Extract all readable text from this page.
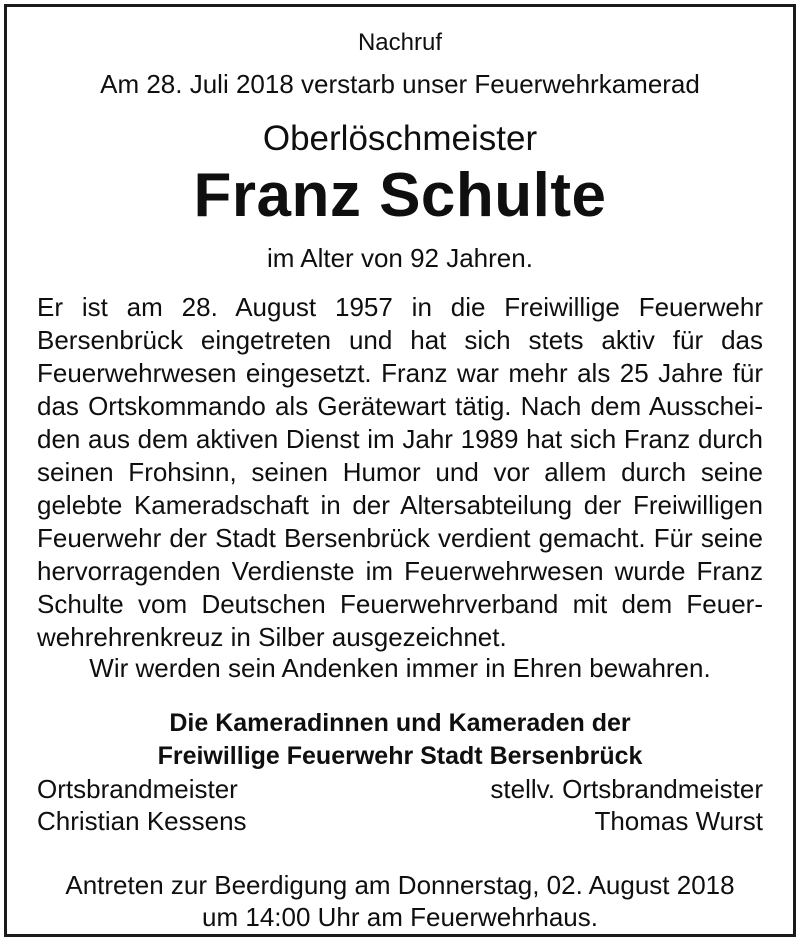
Nachruf
Am 28. Juli 2018 verstarb unser Feuerwehrkamerad
Oberlöschmeister
Franz Schulte
im Alter von 92 Jahren.
Er ist am 28. August 1957 in die Freiwillige Feuerwehr
Bersenbrück eingetreten und hat sich stets aktiv für das
Feuerwehrwesen eingesetzt. Franz war mehr als 25 Jahre für
das Ortskommando als Gerätewart tätig. Nach dem Ausschei-
den aus dem aktiven Dienst im Jahr 1989 hat sich Franz durch
seinen Frohsinn, seinen Humor und vor allem durch seine
gelebte Kameradschaft in der Altersabteilung der Freiwilligen
Feuerwehr der Stadt Bersenbrück verdient gemacht. Für seine
hervorragenden Verdienste im Feuerwehrwesen wurde Franz
Schulte vom Deutschen Feuerwehrverband mit dem Feuer-
wehrehrenkreuz in Silber ausgezeichnet.
Wir werden sein Andenken immer in Ehren bewahren.
Die Kameradinnen und Kameraden der
Freiwillige Feuerwehr Stadt Bersenbrück
Ortsbrandmeister
Christian Kessens
stellv. Ortsbrandmeister
Thomas Wurst
Antreten zur Beerdigung am Donnerstag, 02. August 2018
um 14:00 Uhr am Feuerwehrhaus.
